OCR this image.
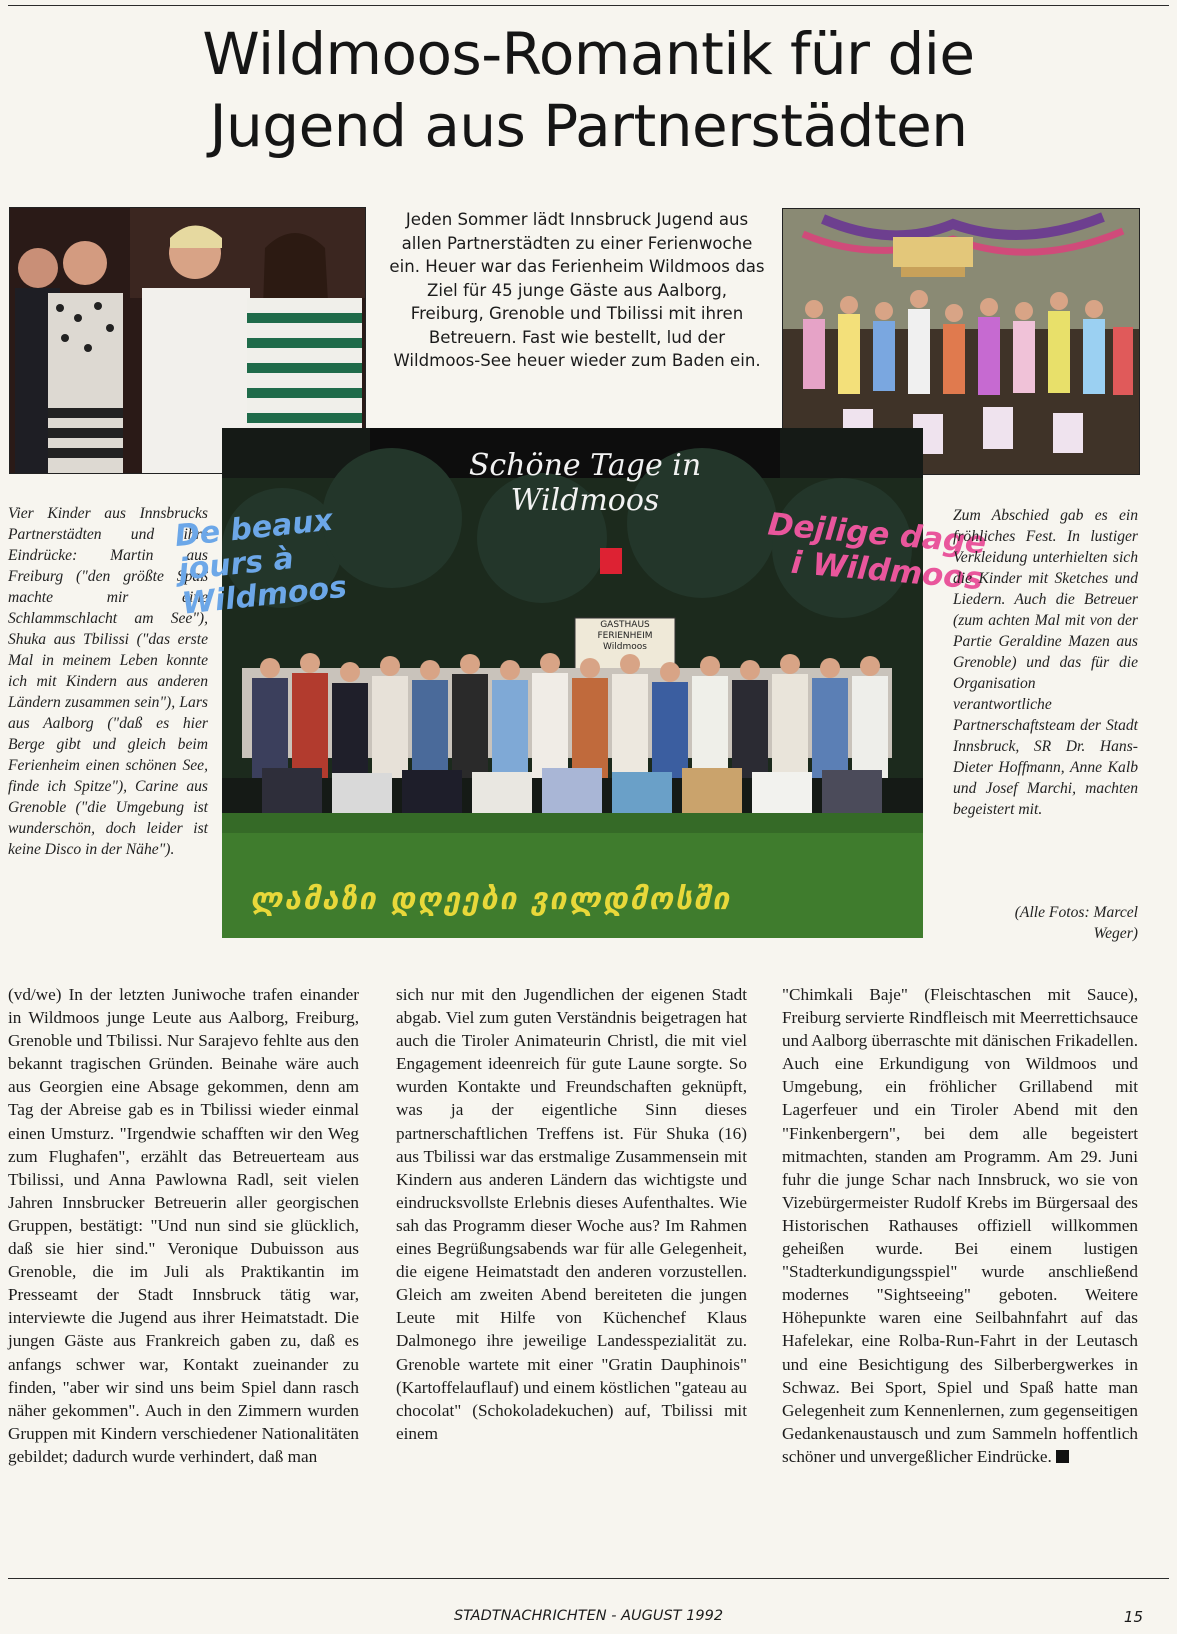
Wildmoos-Romantik für die
Jugend aus Partnerstädten
Jeden Sommer lädt Innsbruck Jugend aus allen Partnerstädten zu einer Ferienwoche ein. Heuer war das Ferienheim Wildmoos das Ziel für 45 junge Gäste aus Aalborg, Freiburg, Grenoble und Tbilissi mit ihren Betreuern. Fast wie bestellt, lud der Wildmoos-See heuer wieder zum Baden ein.

Vier Kinder aus Innsbrucks Partnerstädten und ihre Eindrücke: Martin aus Freiburg ("den größte Spaß machte mir eine Schlammschlacht am See"), Shuka aus Tbilissi ("das erste Mal in meinem Leben konnte ich mit Kindern aus anderen Ländern zusammen sein"), Lars aus Aalborg ("daß es hier Berge gibt und gleich beim Ferienheim einen schönen See, finde ich Spitze"), Carine aus Grenoble ("die Umgebung ist wunderschön, doch leider ist keine Disco in der Nähe").

Schöne Tage in Wildmoos
De beaux jours à Wildmoos
Dejlige dage i Wildmoos
ლამაზი დღეები ვილდმოსში
GASTHAUS FERIENHEIM Wildmoos

Zum Abschied gab es ein fröhliches Fest. In lustiger Verkleidung unterhielten sich die Kinder mit Sketches und Liedern. Auch die Betreuer (zum achten Mal mit von der Partie Geraldine Mazen aus Grenoble) und das für die Organisation verantwortliche Partnerschaftsteam der Stadt Innsbruck, SR Dr. Hans-Dieter Hoffmann, Anne Kalb und Josef Marchi, machten begeistert mit.

(Alle Fotos: Marcel Weger)

(vd/we) In der letzten Juniwoche trafen einander in Wildmoos junge Leute aus Aalborg, Freiburg, Grenoble und Tbilissi. Nur Sarajevo fehlte aus den bekannt tragischen Gründen. Beinahe wäre auch aus Georgien eine Absage gekommen, denn am Tag der Abreise gab es in Tbilissi wieder einmal einen Umsturz. "Irgendwie schafften wir den Weg zum Flughafen", erzählt das Betreuerteam aus Tbilissi, und Anna Pawlowna Radl, seit vielen Jahren Innsbrucker Betreuerin aller georgischen Gruppen, bestätigt: "Und nun sind sie glücklich, daß sie hier sind." Veronique Dubuisson aus Grenoble, die im Juli als Praktikantin im Presseamt der Stadt Innsbruck tätig war, interviewte die Jugend aus ihrer Heimatstadt. Die jungen Gäste aus Frankreich gaben zu, daß es anfangs schwer war, Kontakt zueinander zu finden, "aber wir sind uns beim Spiel dann rasch näher gekommen". Auch in den Zimmern wurden Gruppen mit Kindern verschiedener Nationalitäten gebildet; dadurch wurde verhindert, daß man

sich nur mit den Jugendlichen der eigenen Stadt abgab. Viel zum guten Verständnis beigetragen hat auch die Tiroler Animateurin Christl, die mit viel Engagement ideenreich für gute Laune sorgte. So wurden Kontakte und Freundschaften geknüpft, was ja der eigentliche Sinn dieses partnerschaftlichen Treffens ist. Für Shuka (16) aus Tbilissi war das erstmalige Zusammensein mit Kindern aus anderen Ländern das wichtigste und eindrucksvollste Erlebnis dieses Aufenthaltes. Wie sah das Programm dieser Woche aus? Im Rahmen eines Begrüßungsabends war für alle Gelegenheit, die eigene Heimatstadt den anderen vorzustellen. Gleich am zweiten Abend bereiteten die jungen Leute mit Hilfe von Küchenchef Klaus Dalmonego ihre jeweilige Landesspezialität zu. Grenoble wartete mit einer "Gratin Dauphinois" (Kartoffelauflauf) und einem köstlichen "gateau au chocolat" (Schokoladekuchen) auf, Tbilissi mit einem

"Chimkali Baje" (Fleischtaschen mit Sauce), Freiburg servierte Rindfleisch mit Meerrettichsauce und Aalborg überraschte mit dänischen Frikadellen. Auch eine Erkundigung von Wildmoos und Umgebung, ein fröhlicher Grillabend mit Lagerfeuer und ein Tiroler Abend mit den "Finkenbergern", bei dem alle begeistert mitmachten, standen am Programm. Am 29. Juni fuhr die junge Schar nach Innsbruck, wo sie von Vizebürgermeister Rudolf Krebs im Bürgersaal des Historischen Rathauses offiziell willkommen geheißen wurde. Bei einem lustigen "Stadterkundigungsspiel" wurde anschließend modernes "Sightseeing" geboten. Weitere Höhepunkte waren eine Seilbahnfahrt auf das Hafelekar, eine Rolba-Run-Fahrt in der Leutasch und eine Besichtigung des Silberbergwerkes in Schwaz. Bei Sport, Spiel und Spaß hatte man Gelegenheit zum Kennenlernen, zum gegenseitigen Gedankenaustausch und zum Sammeln hoffentlich schöner und unvergeßlicher Eindrücke.

STADTNACHRICHTEN - AUGUST 1992	15
